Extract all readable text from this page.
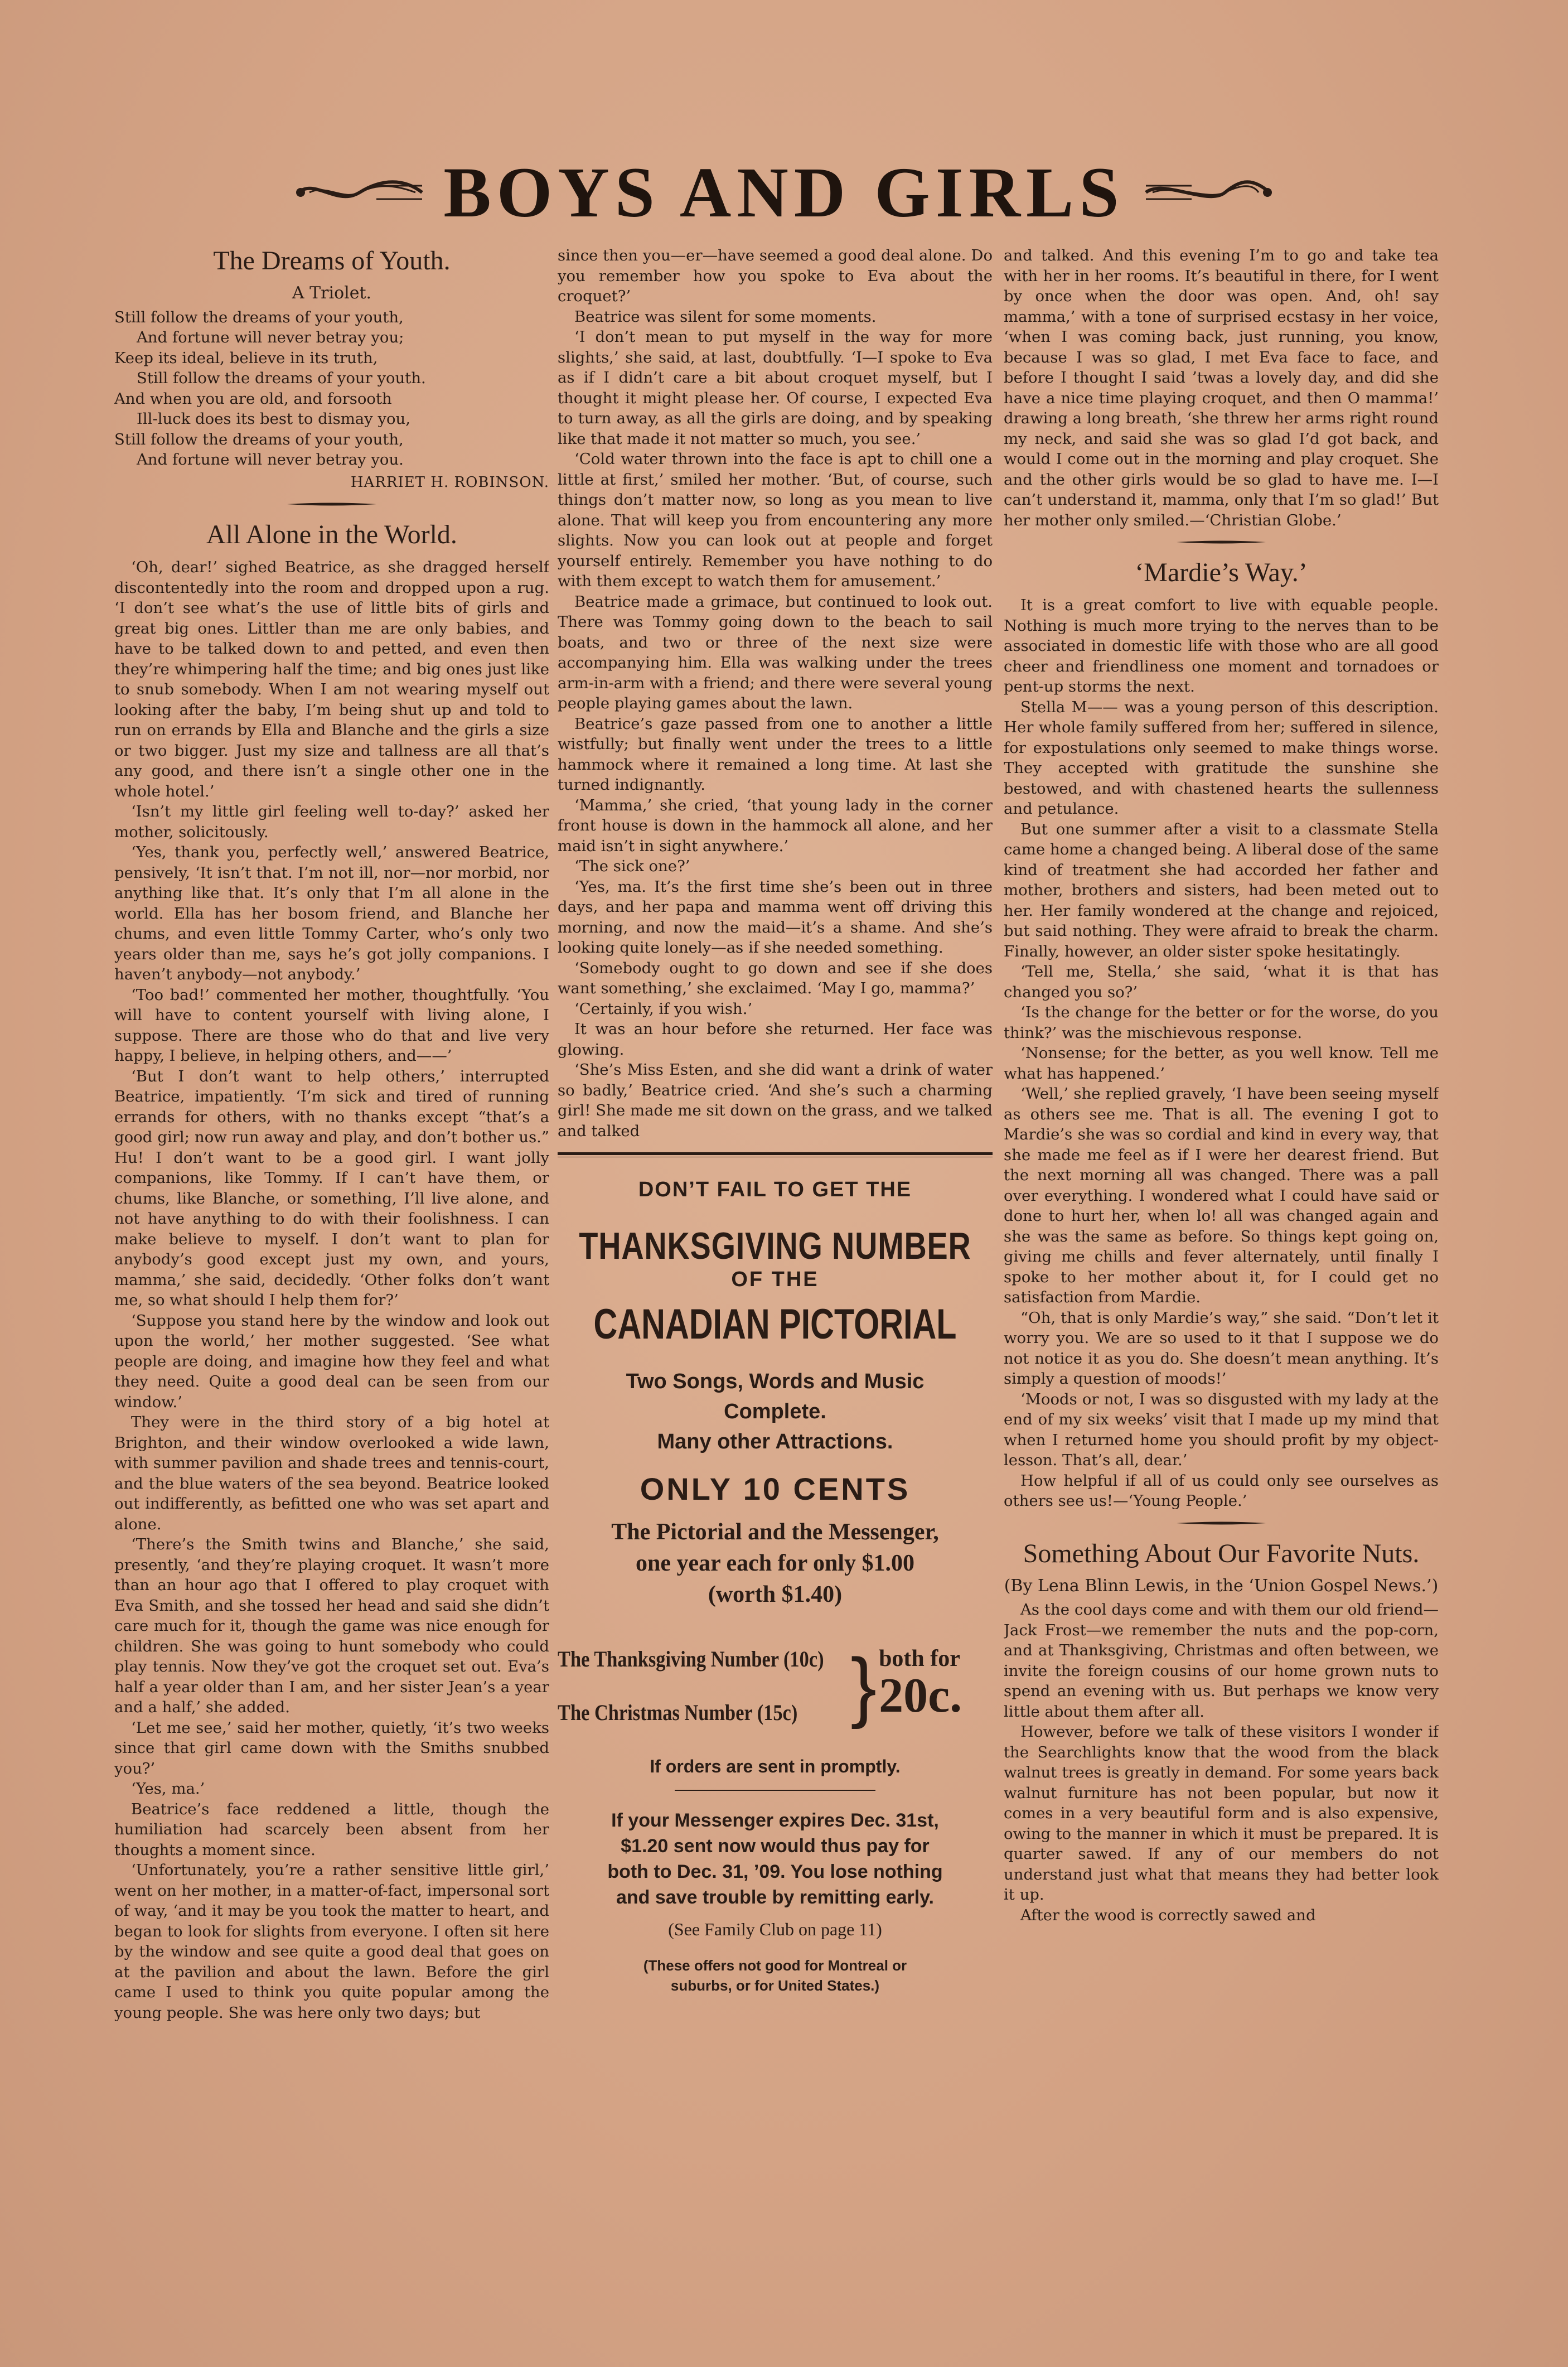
BOYS AND GIRLS
The Dreams of Youth.
A Triolet.
Still follow the dreams of your youth,
And fortune will never betray you;
Keep its ideal, believe in its truth,
Still follow the dreams of your youth.
And when you are old, and forsooth
Ill-luck does its best to dismay you,
Still follow the dreams of your youth,
And fortune will never betray you.
HARRIET H. ROBINSON.
All Alone in the World.

‘Oh, dear!’ sighed Beatrice, as she dragged herself discontentedly into the room and dropped upon a rug. ‘I don’t see what’s the use of little bits of girls and great big ones. Littler than me are only babies, and have to be talked down to and petted, and even then they’re whimpering half the time; and big ones just like to snub somebody. When I am not wearing myself out looking after the baby, I’m being shut up and told to run on errands by Ella and Blanche and the girls a size or two bigger. Just my size and tallness are all that’s any good, and there isn’t a single other one in the whole hotel.’

‘Isn’t my little girl feeling well to-day?’ asked her mother, solicitously.

‘Yes, thank you, perfectly well,’ answered Beatrice, pensively, ‘It isn’t that. I’m not ill, nor—nor morbid, nor anything like that. It’s only that I’m all alone in the world. Ella has her bosom friend, and Blanche her chums, and even little Tommy Carter, who’s only two years older than me, says he’s got jolly companions. I haven’t anybody—not anybody.’

‘Too bad!’ commented her mother, thoughtfully. ‘You will have to content yourself with living alone, I suppose. There are those who do that and live very happy, I believe, in helping others, and——’

‘But I don’t want to help others,’ interrupted Beatrice, impatiently. ‘I’m sick and tired of running errands for others, with no thanks except “that’s a good girl; now run away and play, and don’t bother us.” Hu! I don’t want to be a good girl. I want jolly companions, like Tommy. If I can’t have them, or chums, like Blanche, or something, I’ll live alone, and not have anything to do with their foolishness. I can make believe to myself. I don’t want to plan for anybody’s good except just my own, and yours, mamma,’ she said, decidedly. ‘Other folks don’t want me, so what should I help them for?’

‘Suppose you stand here by the window and look out upon the world,’ her mother suggested. ‘See what people are doing, and imagine how they feel and what they need. Quite a good deal can be seen from our window.’

They were in the third story of a big hotel at Brighton, and their window overlooked a wide lawn, with summer pavilion and shade trees and tennis-court, and the blue waters of the sea beyond. Beatrice looked out indifferently, as befitted one who was set apart and alone.

‘There’s the Smith twins and Blanche,’ she said, presently, ‘and they’re playing croquet. It wasn’t more than an hour ago that I offered to play croquet with Eva Smith, and she tossed her head and said she didn’t care much for it, though the game was nice enough for children. She was going to hunt somebody who could play tennis. Now they’ve got the croquet set out. Eva’s half a year older than I am, and her sister Jean’s a year and a half,’ she added.

‘Let me see,’ said her mother, quietly, ‘it’s two weeks since that girl came down with the Smiths snubbed you?’

‘Yes, ma.’

Beatrice’s face reddened a little, though the humiliation had scarcely been absent from her thoughts a moment since.

‘Unfortunately, you’re a rather sensitive little girl,’ went on her mother, in a matter-of-fact, impersonal sort of way, ‘and it may be you took the matter to heart, and began to look for slights from everyone. I often sit here by the window and see quite a good deal that goes on at the pavilion and about the lawn. Before the girl came I used to think you quite popular among the young people. She was here only two days; but

since then you—er—have seemed a good deal alone. Do you remember how you spoke to Eva about the croquet?’

Beatrice was silent for some moments.

‘I don’t mean to put myself in the way for more slights,’ she said, at last, doubtfully. ‘I—I spoke to Eva as if I didn’t care a bit about croquet myself, but I thought it might please her. Of course, I expected Eva to turn away, as all the girls are doing, and by speaking like that made it not matter so much, you see.’

‘Cold water thrown into the face is apt to chill one a little at first,’ smiled her mother. ‘But, of course, such things don’t matter now, so long as you mean to live alone. That will keep you from encountering any more slights. Now you can look out at people and forget yourself entirely. Remember you have nothing to do with them except to watch them for amusement.’

Beatrice made a grimace, but continued to look out. There was Tommy going down to the beach to sail boats, and two or three of the next size were accompanying him. Ella was walking under the trees arm-in-arm with a friend; and there were several young people playing games about the lawn.

Beatrice’s gaze passed from one to another a little wistfully; but finally went under the trees to a little hammock where it remained a long time. At last she turned indignantly.

‘Mamma,’ she cried, ‘that young lady in the corner front house is down in the hammock all alone, and her maid isn’t in sight anywhere.’

‘The sick one?’

‘Yes, ma. It’s the first time she’s been out in three days, and her papa and mamma went off driving this morning, and now the maid—it’s a shame. And she’s looking quite lonely—as if she needed something.

‘Somebody ought to go down and see if she does want something,’ she exclaimed. ‘May I go, mamma?’

‘Certainly, if you wish.’

It was an hour before she returned. Her face was glowing.

‘She’s Miss Esten, and she did want a drink of water so badly,’ Beatrice cried. ‘And she’s such a charming girl! She made me sit down on the grass, and we talked and talked

DON’T FAIL TO GET THE
THANKSGIVING NUMBER
OF THE
CANADIAN PICTORIAL
Two Songs, Words and Music
Complete.
Many other Attractions.
ONLY 10 CENTS
The Pictorial and the Messenger,
one year each for only $1.00
(worth $1.40)
The Thanksgiving Number (10c)
The Christmas Number (15c) } both for
20c.
If orders are sent in promptly.
If your Messenger expires Dec. 31st,
$1.20 sent now would thus pay for
both to Dec. 31, ’09. You lose nothing
and save trouble by remitting early.
(See Family Club on page 11)
(These offers not good for Montreal or
suburbs, or for United States.)

and talked. And this evening I’m to go and take tea with her in her rooms. It’s beautiful in there, for I went by once when the door was open. And, oh! say mamma,’ with a tone of surprised ecstasy in her voice, ‘when I was coming back, just running, you know, because I was so glad, I met Eva face to face, and before I thought I said ’twas a lovely day, and did she have a nice time playing croquet, and then O mamma!’ drawing a long breath, ‘she threw her arms right round my neck, and said she was so glad I’d got back, and would I come out in the morning and play croquet. She and the other girls would be so glad to have me. I—I can’t understand it, mamma, only that I’m so glad!’ But her mother only smiled.—‘Christian Globe.’

‘Mardie’s Way.’

It is a great comfort to live with equable people. Nothing is much more trying to the nerves than to be associated in domestic life with those who are all good cheer and friendliness one moment and tornadoes or pent-up storms the next.

Stella M—— was a young person of this description. Her whole family suffered from her; suffered in silence, for expostulations only seemed to make things worse. They accepted with gratitude the sunshine she bestowed, and with chastened hearts the sullenness and petulance.

But one summer after a visit to a classmate Stella came home a changed being. A liberal dose of the same kind of treatment she had accorded her father and mother, brothers and sisters, had been meted out to her. Her family wondered at the change and rejoiced, but said nothing. They were afraid to break the charm. Finally, however, an older sister spoke hesitatingly.

‘Tell me, Stella,’ she said, ‘what it is that has changed you so?’

‘Is the change for the better or for the worse, do you think?’ was the mischievous response.

‘Nonsense; for the better, as you well know. Tell me what has happened.’

‘Well,’ she replied gravely, ‘I have been seeing myself as others see me. That is all. The evening I got to Mardie’s she was so cordial and kind in every way, that she made me feel as if I were her dearest friend. But the next morning all was changed. There was a pall over everything. I wondered what I could have said or done to hurt her, when lo! all was changed again and she was the same as before. So things kept going on, giving me chills and fever alternately, until finally I spoke to her mother about it, for I could get no satisfaction from Mardie.

“Oh, that is only Mardie’s way,” she said. “Don’t let it worry you. We are so used to it that I suppose we do not notice it as you do. She doesn’t mean anything. It’s simply a question of moods!’

‘Moods or not, I was so disgusted with my lady at the end of my six weeks’ visit that I made up my mind that when I returned home you should profit by my object-lesson. That’s all, dear.’

How helpful if all of us could only see ourselves as others see us!—‘Young People.’

Something About Our Favorite Nuts.
(By Lena Blinn Lewis, in the ‘Union Gospel News.’)

As the cool days come and with them our old friend—Jack Frost—we remember the nuts and the pop-corn, and at Thanksgiving, Christmas and often between, we invite the foreign cousins of our home grown nuts to spend an evening with us. But perhaps we know very little about them after all.

However, before we talk of these visitors I wonder if the Searchlights know that the wood from the black walnut trees is greatly in demand. For some years back walnut furniture has not been popular, but now it comes in a very beautiful form and is also expensive, owing to the manner in which it must be prepared. It is quarter sawed. If any of our members do not understand just what that means they had better look it up.

After the wood is correctly sawed and
